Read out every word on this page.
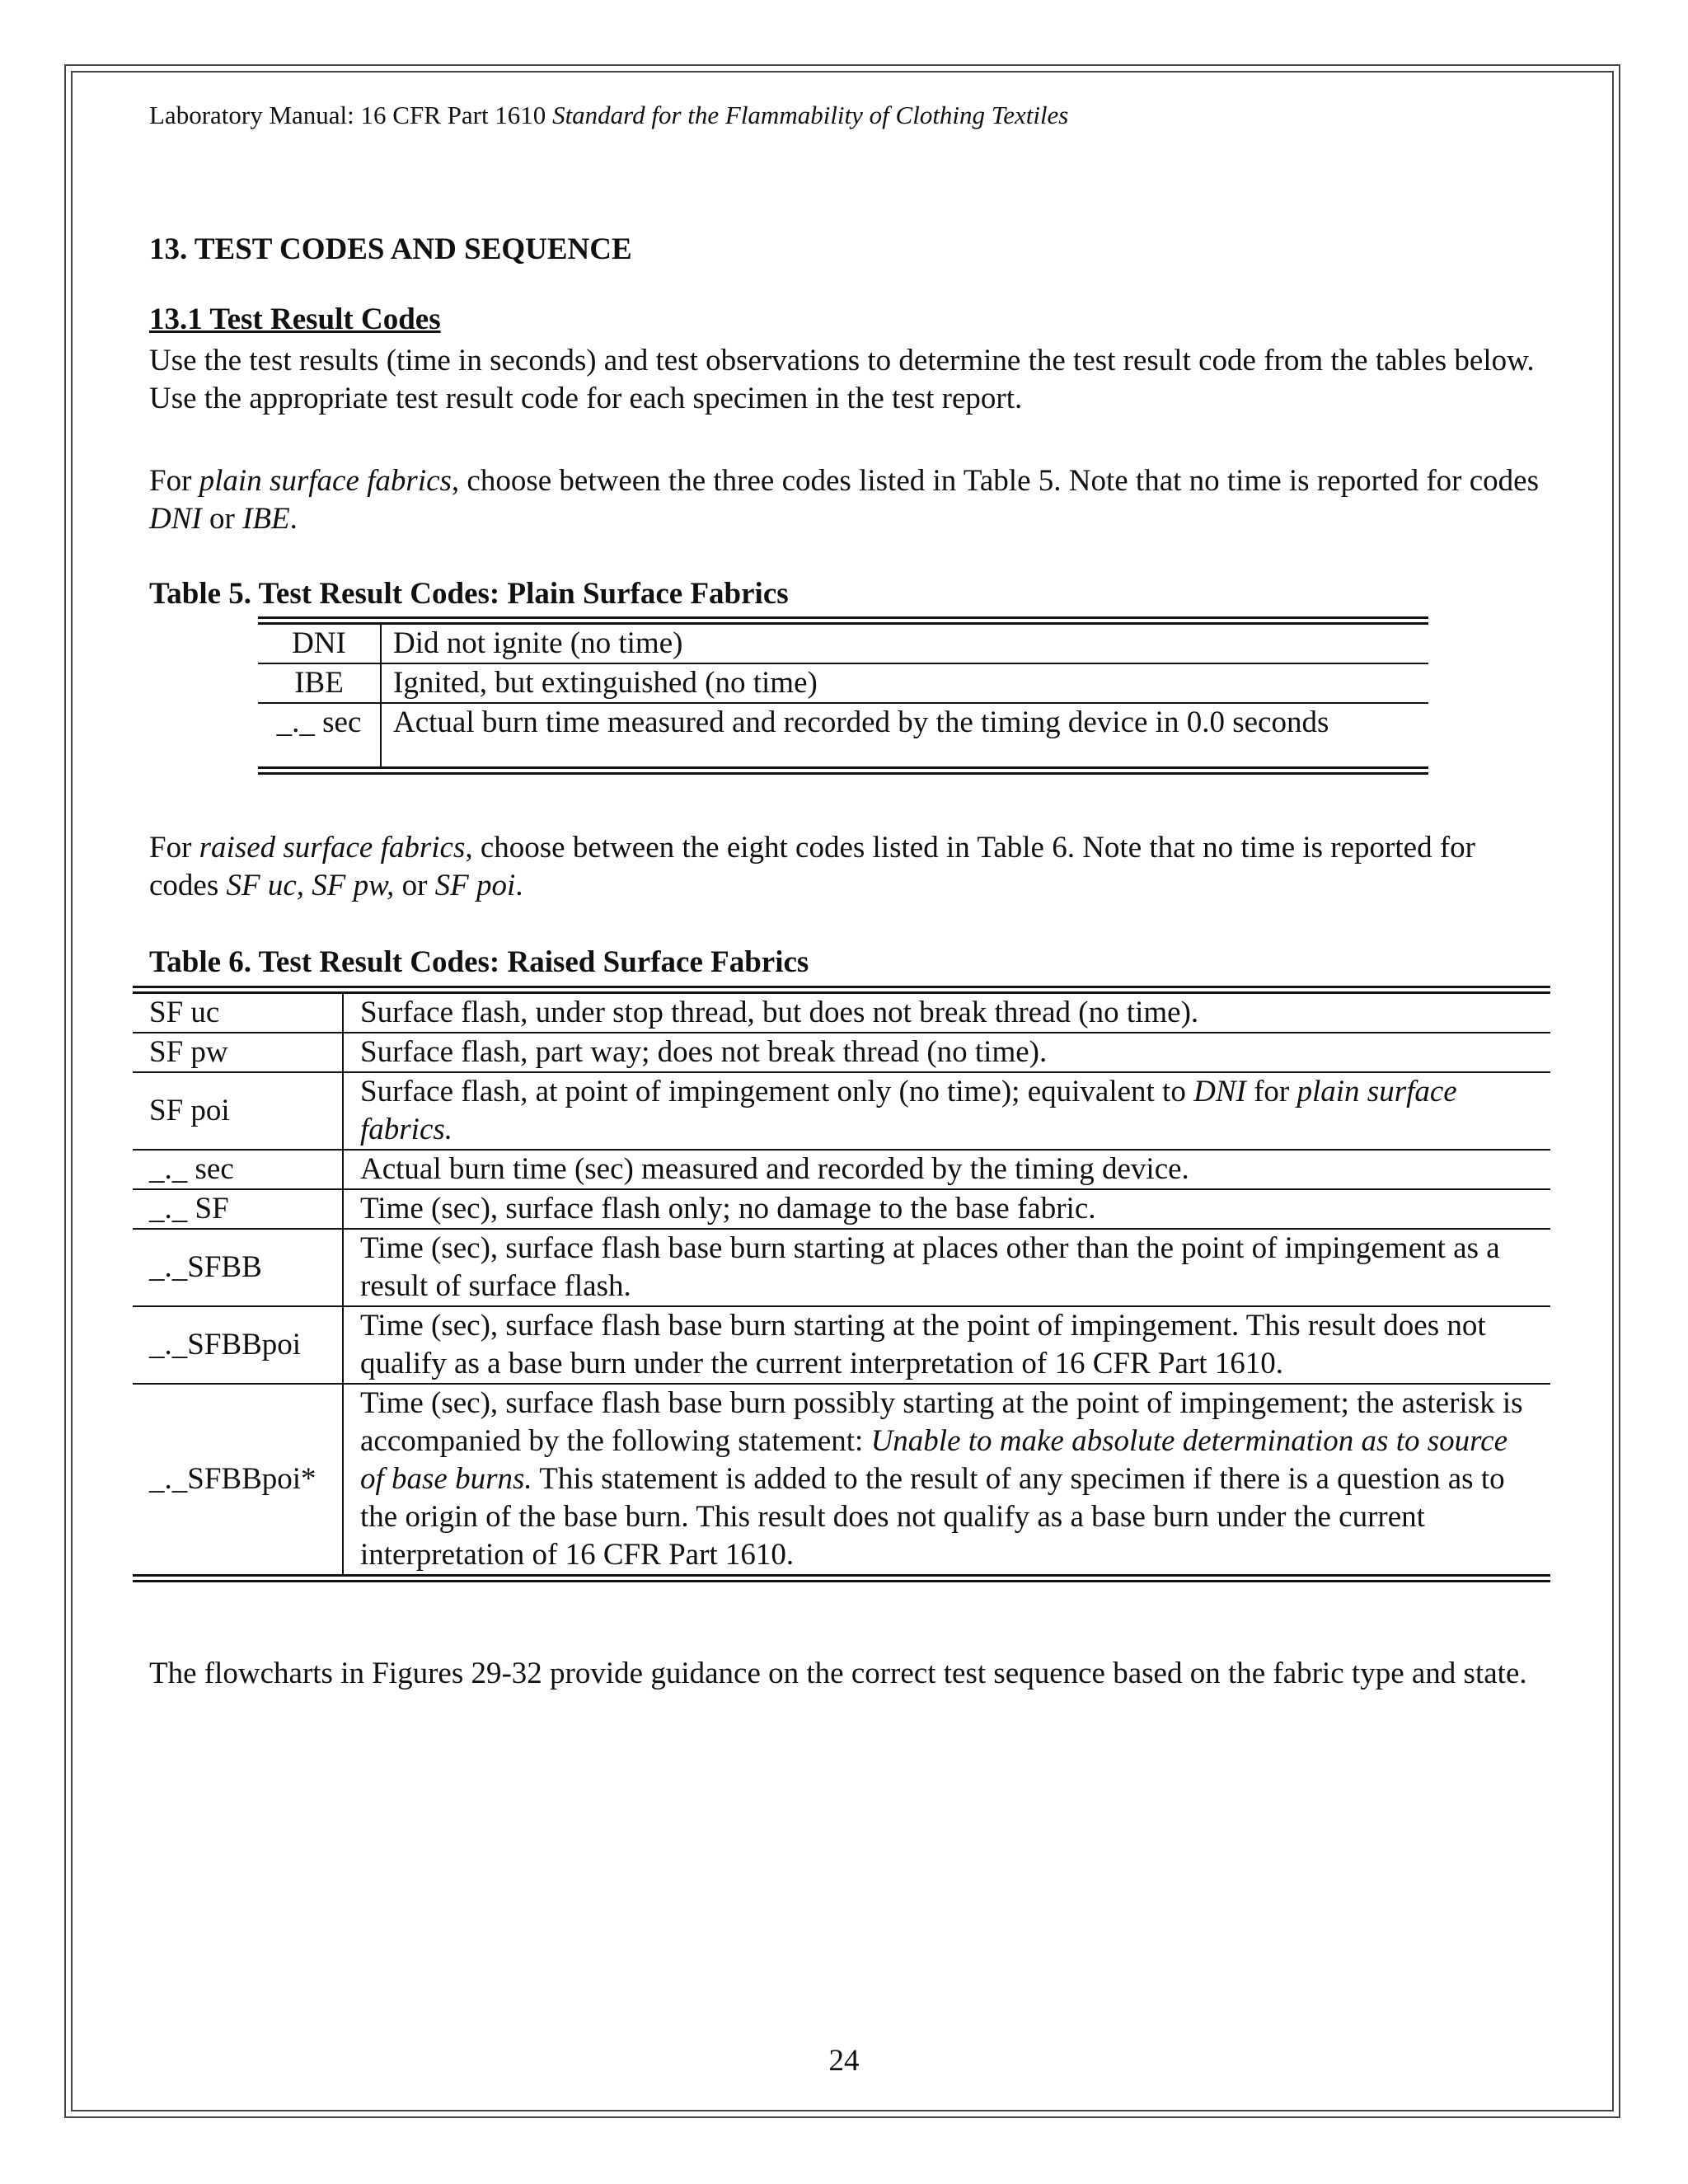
Laboratory Manual: 16 CFR Part 1610 Standard for the Flammability of Clothing Textiles

13. TEST CODES AND SEQUENCE
13.1 Test Result Codes

Use the test results (time in seconds) and test observations to determine the test result code from the tables below. Use the appropriate test result code for each specimen in the test report.

For plain surface fabrics, choose between the three codes listed in Table 5. Note that no time is reported for codes DNI or IBE.

Table 5. Test Result Codes: Plain Surface Fabrics

DNI	Did not ignite (no time)
IBE	Ignited, but extinguished (no time)
_._ sec	Actual burn time measured and recorded by the timing device in 0.0 seconds

For raised surface fabrics, choose between the eight codes listed in Table 6. Note that no time is reported for codes SF uc, SF pw, or SF poi.

Table 6. Test Result Codes: Raised Surface Fabrics

SF uc	Surface flash, under stop thread, but does not break thread (no time).
SF pw	Surface flash, part way; does not break thread (no time).
SF poi	Surface flash, at point of impingement only (no time); equivalent to DNI for plain surface fabrics.
_._ sec	Actual burn time (sec) measured and recorded by the timing device.
_._ SF	Time (sec), surface flash only; no damage to the base fabric.
_._SFBB	Time (sec), surface flash base burn starting at places other than the point of impingement as a result of surface flash.
_._SFBBpoi	Time (sec), surface flash base burn starting at the point of impingement. This result does not qualify as a base burn under the current interpretation of 16 CFR Part 1610.
_._SFBBpoi*	Time (sec), surface flash base burn possibly starting at the point of impingement; the asterisk is accompanied by the following statement: Unable to make absolute determination as to source of base burns. This statement is added to the result of any specimen if there is a question as to the origin of the base burn. This result does not qualify as a base burn under the current interpretation of 16 CFR Part 1610.

The flowcharts in Figures 29-32 provide guidance on the correct test sequence based on the fabric type and state.

24
